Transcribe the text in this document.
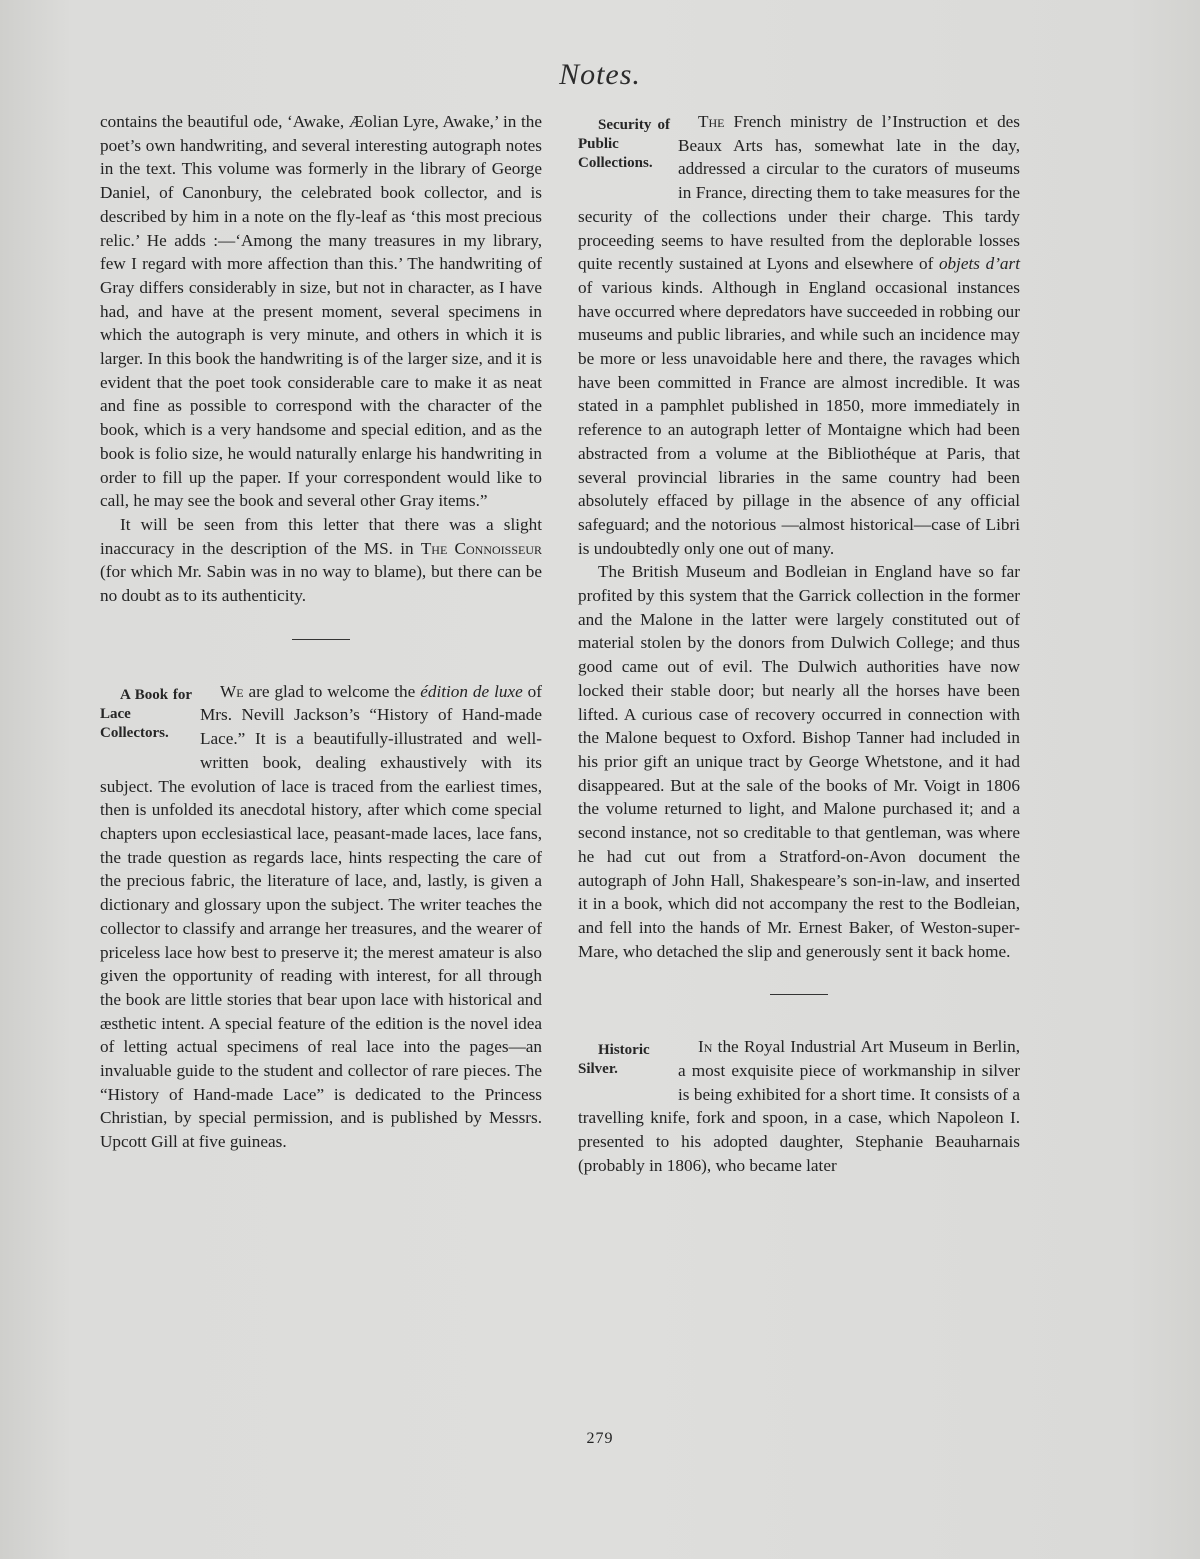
Notes.

contains the beautiful ode, ‘Awake, Æolian Lyre, Awake,’ in the poet’s own handwriting, and several interesting autograph notes in the text. This volume was formerly in the library of George Daniel, of Canonbury, the celebrated book collector, and is described by him in a note on the fly-leaf as ‘this most precious relic.’ He adds :—‘Among the many treasures in my library, few I regard with more affection than this.’ The handwriting of Gray differs considerably in size, but not in character, as I have had, and have at the present moment, several specimens in which the autograph is very minute, and others in which it is larger. In this book the handwriting is of the larger size, and it is evident that the poet took considerable care to make it as neat and fine as possible to correspond with the character of the book, which is a very handsome and special edition, and as the book is folio size, he would naturally enlarge his handwriting in order to fill up the paper. If your correspondent would like to call, he may see the book and several other Gray items.”

It will be seen from this letter that there was a slight inaccuracy in the description of the MS. in The Connoisseur (for which Mr. Sabin was in no way to blame), but there can be no doubt as to its authenticity.

We are glad to welcome the édition de luxe
A Book for Lace Collectors.
of Mrs. Nevill Jackson’s “History of Hand-made Lace.” It is a beautifully-illustrated and well-written book, dealing exhaustively with its subject. The evolution of lace is traced from the earliest times, then is unfolded its anecdotal history, after which come special chapters upon ecclesiastical lace, peasant-made laces, lace fans, the trade question as regards lace, hints respecting the care of the precious fabric, the literature of lace, and, lastly, is given a dictionary and glossary upon the subject. The writer teaches the collector to classify and arrange her treasures, and the wearer of priceless lace how best to preserve it; the merest amateur is also given the opportunity of reading with interest, for all through the book are little stories that bear upon lace with historical and æsthetic intent. A special feature of the edition is the novel idea of letting actual specimens of real lace into the pages—an invaluable guide to the student and collector of rare pieces. The “History of Hand-made Lace” is dedicated to the Princess Christian, by special permission, and is published by Messrs. Upcott Gill at five guineas.

The
Security of Public Collections.
French ministry de l’Instruction et des Beaux Arts has, somewhat late in the day, addressed a circular to the curators of museums in France, directing them to take measures for the security of the collections under their charge. This tardy proceeding seems to have resulted from the deplorable losses quite recently sustained at Lyons and elsewhere of objets d’art of various kinds. Although in England occasional instances have occurred where depredators have succeeded in robbing our museums and public libraries, and while such an incidence may be more or less unavoidable here and there, the ravages which have been committed in France are almost incredible. It was stated in a pamphlet published in 1850, more immediately in reference to an autograph letter of Montaigne which had been abstracted from a volume at the Bibliothéque at Paris, that several provincial libraries in the same country had been absolutely effaced by pillage in the absence of any official safeguard; and the notorious —almost historical—case of Libri is undoubtedly only one out of many.

The British Museum and Bodleian in England have so far profited by this system that the Garrick collection in the former and the Malone in the latter were largely constituted out of material stolen by the donors from Dulwich College; and thus good came out of evil. The Dulwich authorities have now locked their stable door; but nearly all the horses have been lifted. A curious case of recovery occurred in connection with the Malone bequest to Oxford. Bishop Tanner had included in his prior gift an unique tract by George Whetstone, and it had disappeared. But at the sale of the books of Mr. Voigt in 1806 the volume returned to light, and Malone purchased it; and a second instance, not so creditable to that gentleman, was where he had cut out from a Stratford-on-Avon document the autograph of John Hall, Shakespeare’s son-in-law, and inserted it in a book, which did not accompany the rest to the Bodleian, and fell into the hands of Mr. Ernest Baker, of Weston-super-Mare, who detached the slip and generously sent it back home.

In
Historic Silver.
the Royal Industrial Art Museum in Berlin, a most exquisite piece of workmanship in silver is being exhibited for a short time. It consists of a travelling knife, fork and spoon, in a case, which Napoleon I. presented to his adopted daughter, Stephanie Beauharnais (probably in 1806), who became later

279
